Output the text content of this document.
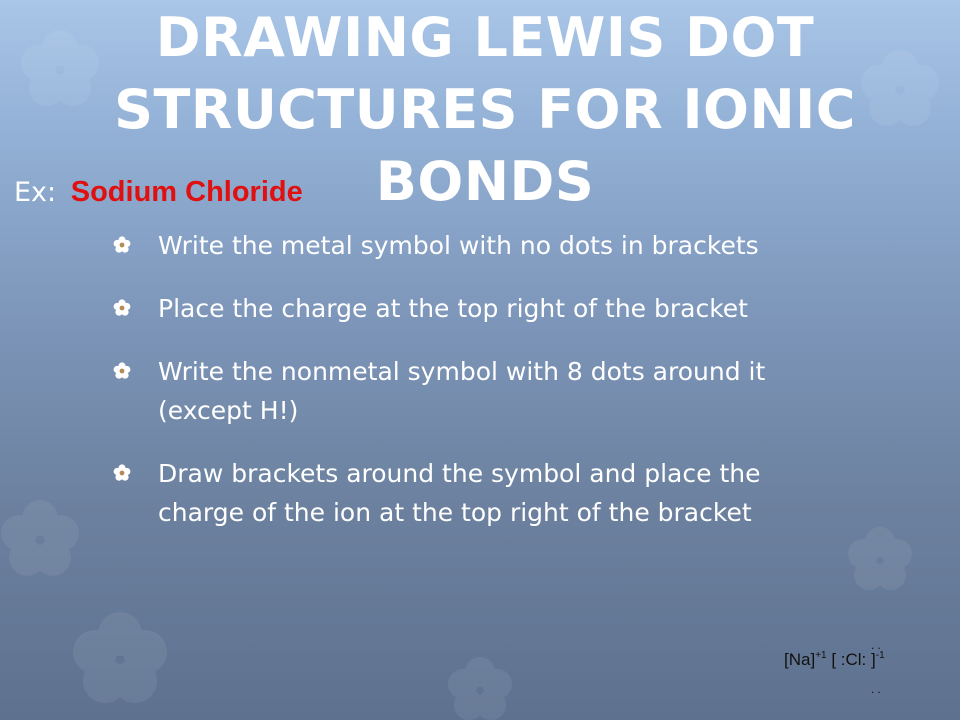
DRAWING LEWIS DOT
STRUCTURES FOR IONIC
BONDS
Ex: Sodium Chloride
Write the metal symbol with no dots in brackets
Place the charge at the top right of the bracket
Write the nonmetal symbol with 8 dots around it (except H!)
Draw brackets around the symbol and place the charge of the ion at the top right of the bracket
..
$[Na]^{+1}$ [ :Cl: ]$^{-1}$
..
